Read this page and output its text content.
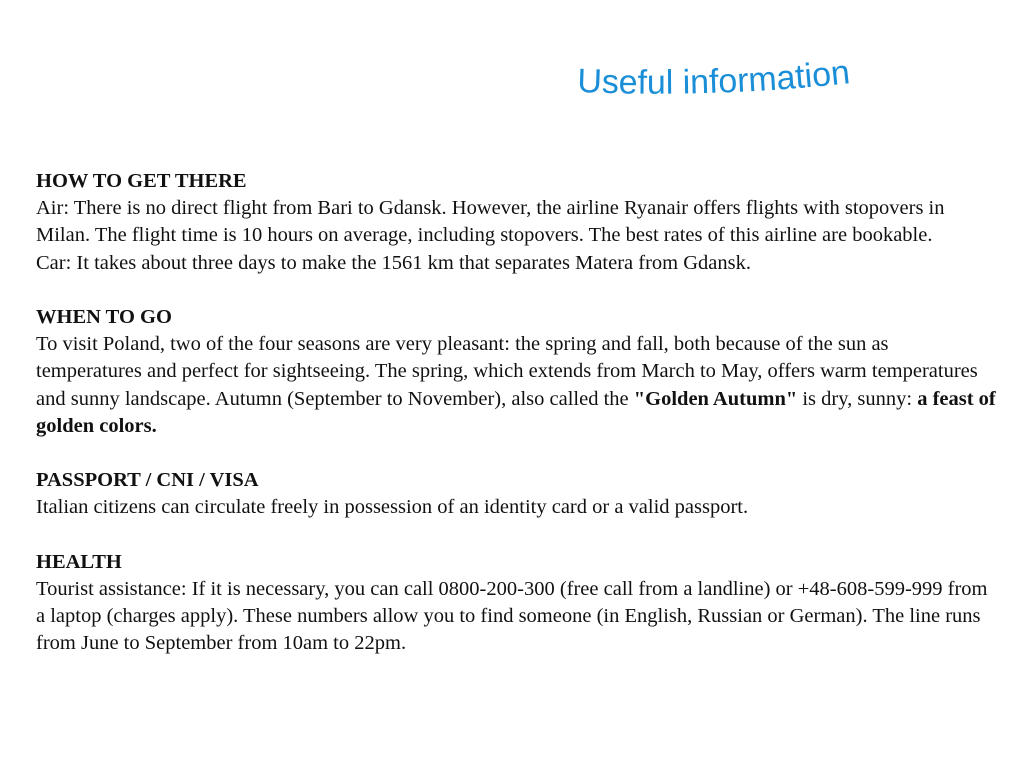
Useful information
HOW TO GET THERE
Air: There is no direct flight from Bari to Gdansk. However, the airline Ryanair offers flights with stopovers in Milan. The flight time is 10 hours on average, including stopovers. The best rates of this airline are bookable.
Car: It takes about three days to make the 1561 km that separates Matera from Gdansk.
WHEN TO GO
To visit Poland, two of the four seasons are very pleasant: the spring and fall, both because of the sun as temperatures and perfect for sightseeing. The spring, which extends from March to May, offers warm temperatures and sunny landscape. Autumn (September to November), also called the "Golden Autumn" is dry, sunny: a feast of golden colors.
PASSPORT / CNI / VISA
Italian citizens can circulate freely in possession of an identity card or a valid passport.
HEALTH
Tourist assistance: If it is necessary, you can call 0800-200-300 (free call from a landline) or +48-608-599-999 from a laptop (charges apply). These numbers allow you to find someone (in English, Russian or German). The line runs from June to September from 10am to 22pm.
